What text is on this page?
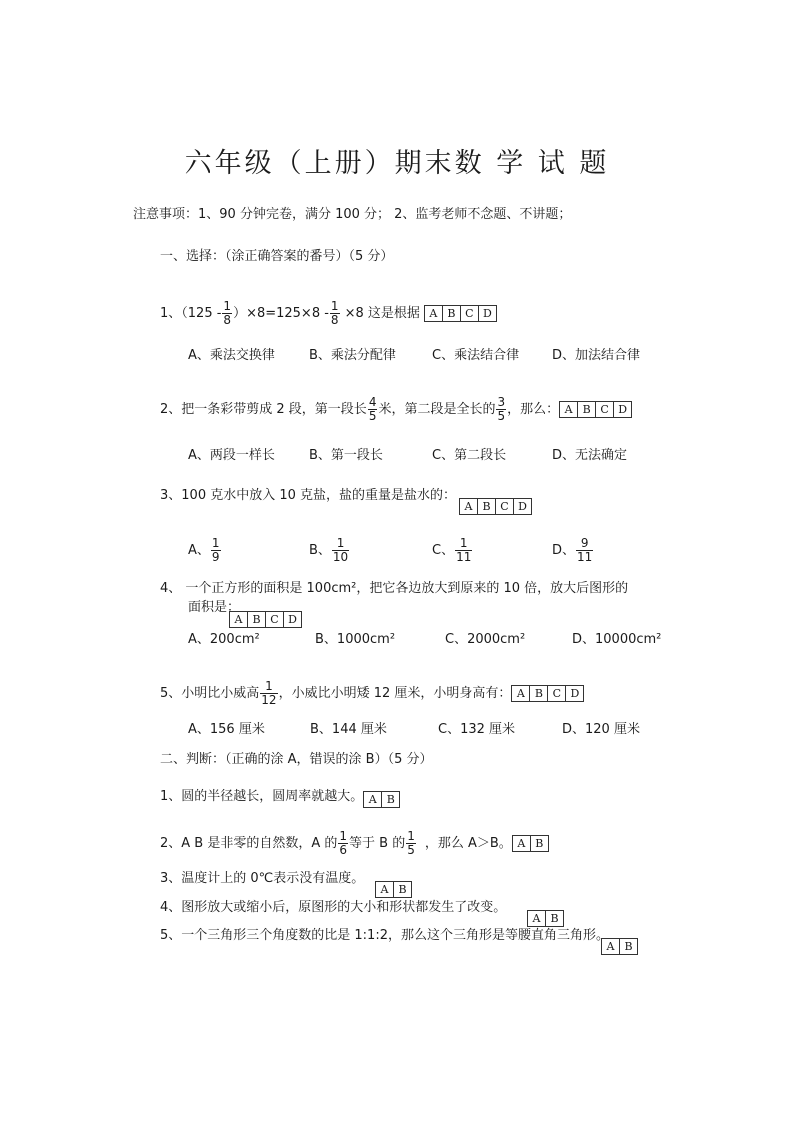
六年级（上册）期末数 学 试 题
注意事项：1、90 分钟完卷，满分 100 分； 2、监考老师不念题、不讲题；
一、选择：（涂正确答案的番号）（5 分）
1、$(125 - \frac{1}{8} )\times 8=125\times 8 - \frac{1}{8} \times 8$ 这是根据 A B C D
A、乘法交换律	B、乘法分配律	C、乘法结合律	D、加法结合律
2、把一条彩带剪成 2 段，第一段长 $\frac{4}{5}$ 米，第二段是全长的 $\frac{3}{5}$ ，那么： A B C D
A、两段一样长	B、第一段长	C、第二段长	D、无法确定
3、100 克水中放入 10 克盐，盐的重量是盐水的：
A B C D
A、 $\frac{1}{9}$	B、 $\frac{1}{10}$	C、 $\frac{1}{11}$	D、 $\frac{9}{11}$
4、 一个正方形的面积是 100cm²，把它各边放大到原来的 10 倍，放大后图形的
面积是：
A B C D
A、200cm²	B、1000cm²	C、2000cm²	D、10000cm²
5、小明比小威高 $\frac{1}{12}$ ，小威比小明矮 12 厘米，小明身高有： A B C D
A、156 厘米	B、144 厘米	C、132 厘米	D、120 厘米
二、判断：（正确的涂 A，错误的涂 B）（5 分）
1、圆的半径越长，圆周率就越大。 A B
2、A B 是非零的自然数，A 的 $\frac{1}{6}$ 等于 B 的 $\frac{1}{5}$ ，那么 A＞B。 A B
3、温度计上的 0℃表示没有温度。
A B
4、图形放大或缩小后，原图形的大小和形状都发生了改变。
A B
5、一个三角形三个角度数的比是 1:1:2，那么这个三角形是等腰直角三角形。
A B
